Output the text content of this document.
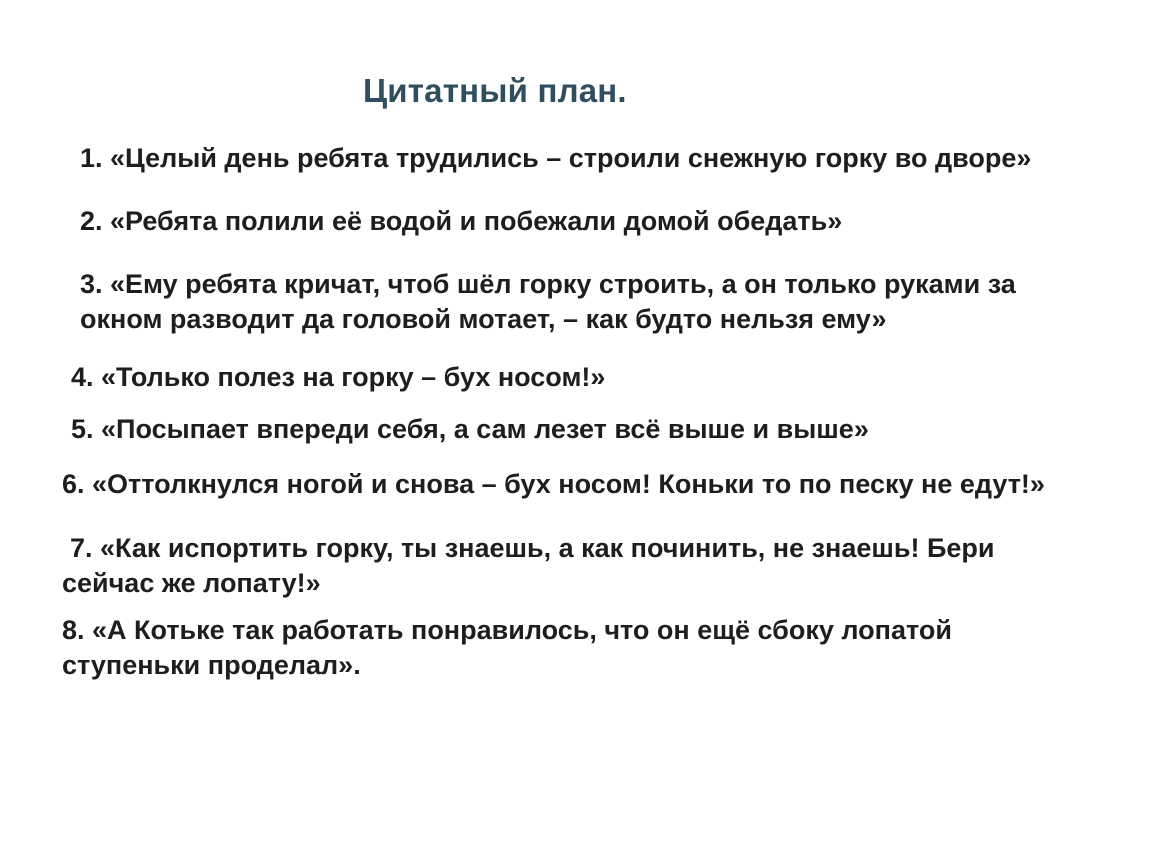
Цитатный план.
1. «Целый день ребята трудились – строили снежную горку во дворе»
2. «Ребята полили её водой и побежали домой обедать»
3. «Ему ребята кричат, чтоб шёл горку строить, а он только руками за
окном разводит да головой мотает, – как будто нельзя ему»
4. «Только полез на горку – бух носом!»
5. «Посыпает впереди себя, а сам лезет всё выше и выше»
6. «Оттолкнулся ногой и снова – бух носом! Коньки то по песку не едут!»
7. «Как испортить горку, ты знаешь, а как починить, не знаешь! Бери
сейчас же лопату!»
8. «А Котьке так работать понравилось, что он ещё сбоку лопатой
ступеньки проделал».
